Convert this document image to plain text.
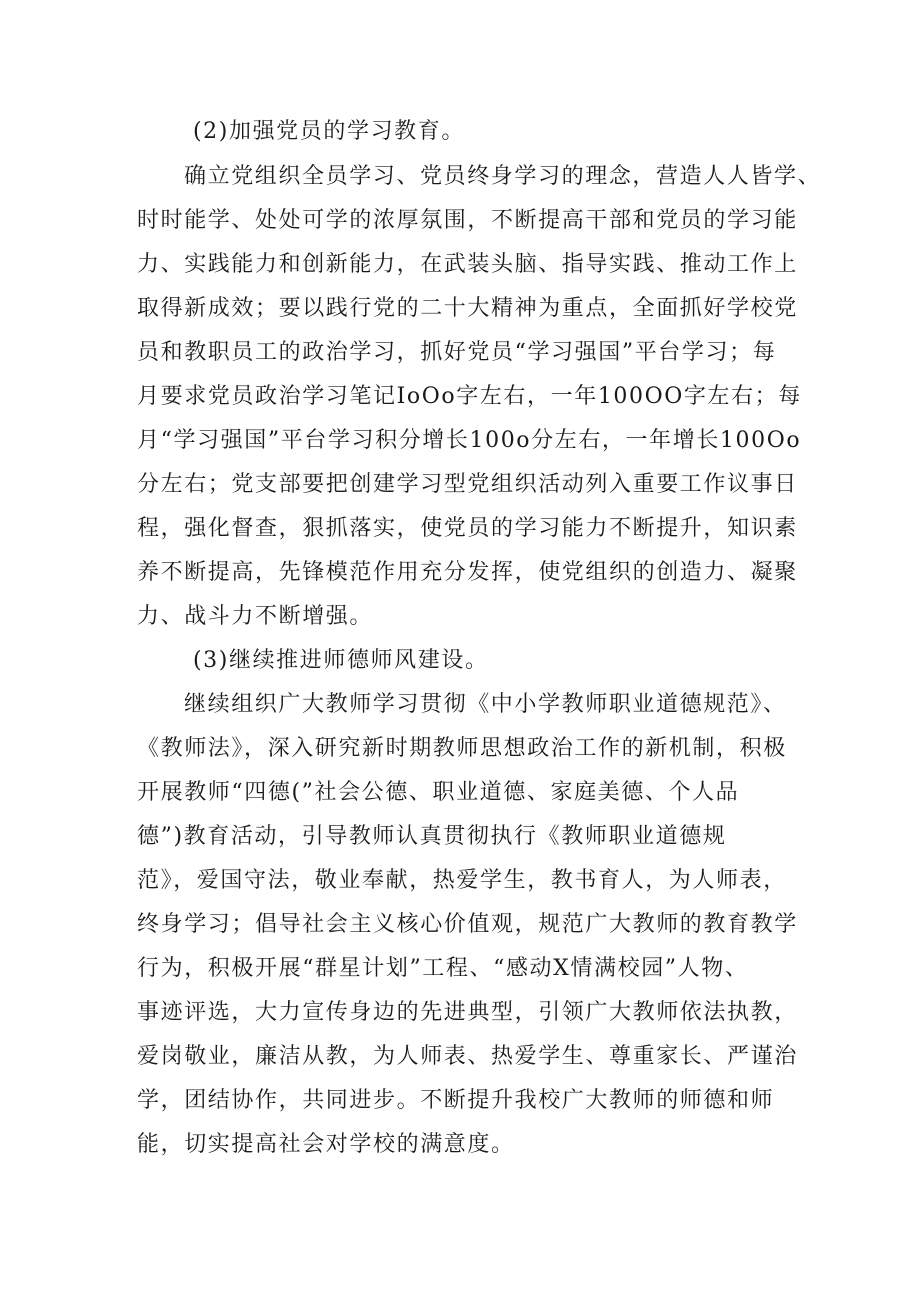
(2)加强党员的学习教育。
确立党组织全员学习、党员终身学习的理念，营造人人皆学、
时时能学、处处可学的浓厚氛围，不断提高干部和党员的学习能
力、实践能力和创新能力，在武装头脑、指导实践、推动工作上
取得新成效；要以践行党的二十大精神为重点，全面抓好学校党
员和教职员工的政治学习，抓好党员“学习强国”平台学习；每
月要求党员政治学习笔记IoOo字左右，一年100OO字左右；每
月“学习强国”平台学习积分增长100o分左右，一年增长100Oo
分左右；党支部要把创建学习型党组织活动列入重要工作议事日
程，强化督查，狠抓落实，使党员的学习能力不断提升，知识素
养不断提高，先锋模范作用充分发挥，使党组织的创造力、凝聚
力、战斗力不断增强。
(3)继续推进师德师风建设。
继续组织广大教师学习贯彻《中小学教师职业道德规范》、
《教师法》，深入研究新时期教师思想政治工作的新机制，积极
开展教师“四德(”社会公德、职业道德、家庭美德、个人品
德”)教育活动，引导教师认真贯彻执行《教师职业道德规
范》，爱国守法，敬业奉献，热爱学生，教书育人，为人师表，
终身学习；倡导社会主义核心价值观，规范广大教师的教育教学
行为，积极开展“群星计划”工程、“感动X情满校园”人物、
事迹评选，大力宣传身边的先进典型，引领广大教师依法执教，
爱岗敬业，廉洁从教，为人师表、热爱学生、尊重家长、严谨治
学，团结协作，共同进步。不断提升我校广大教师的师德和师
能，切实提高社会对学校的满意度。
